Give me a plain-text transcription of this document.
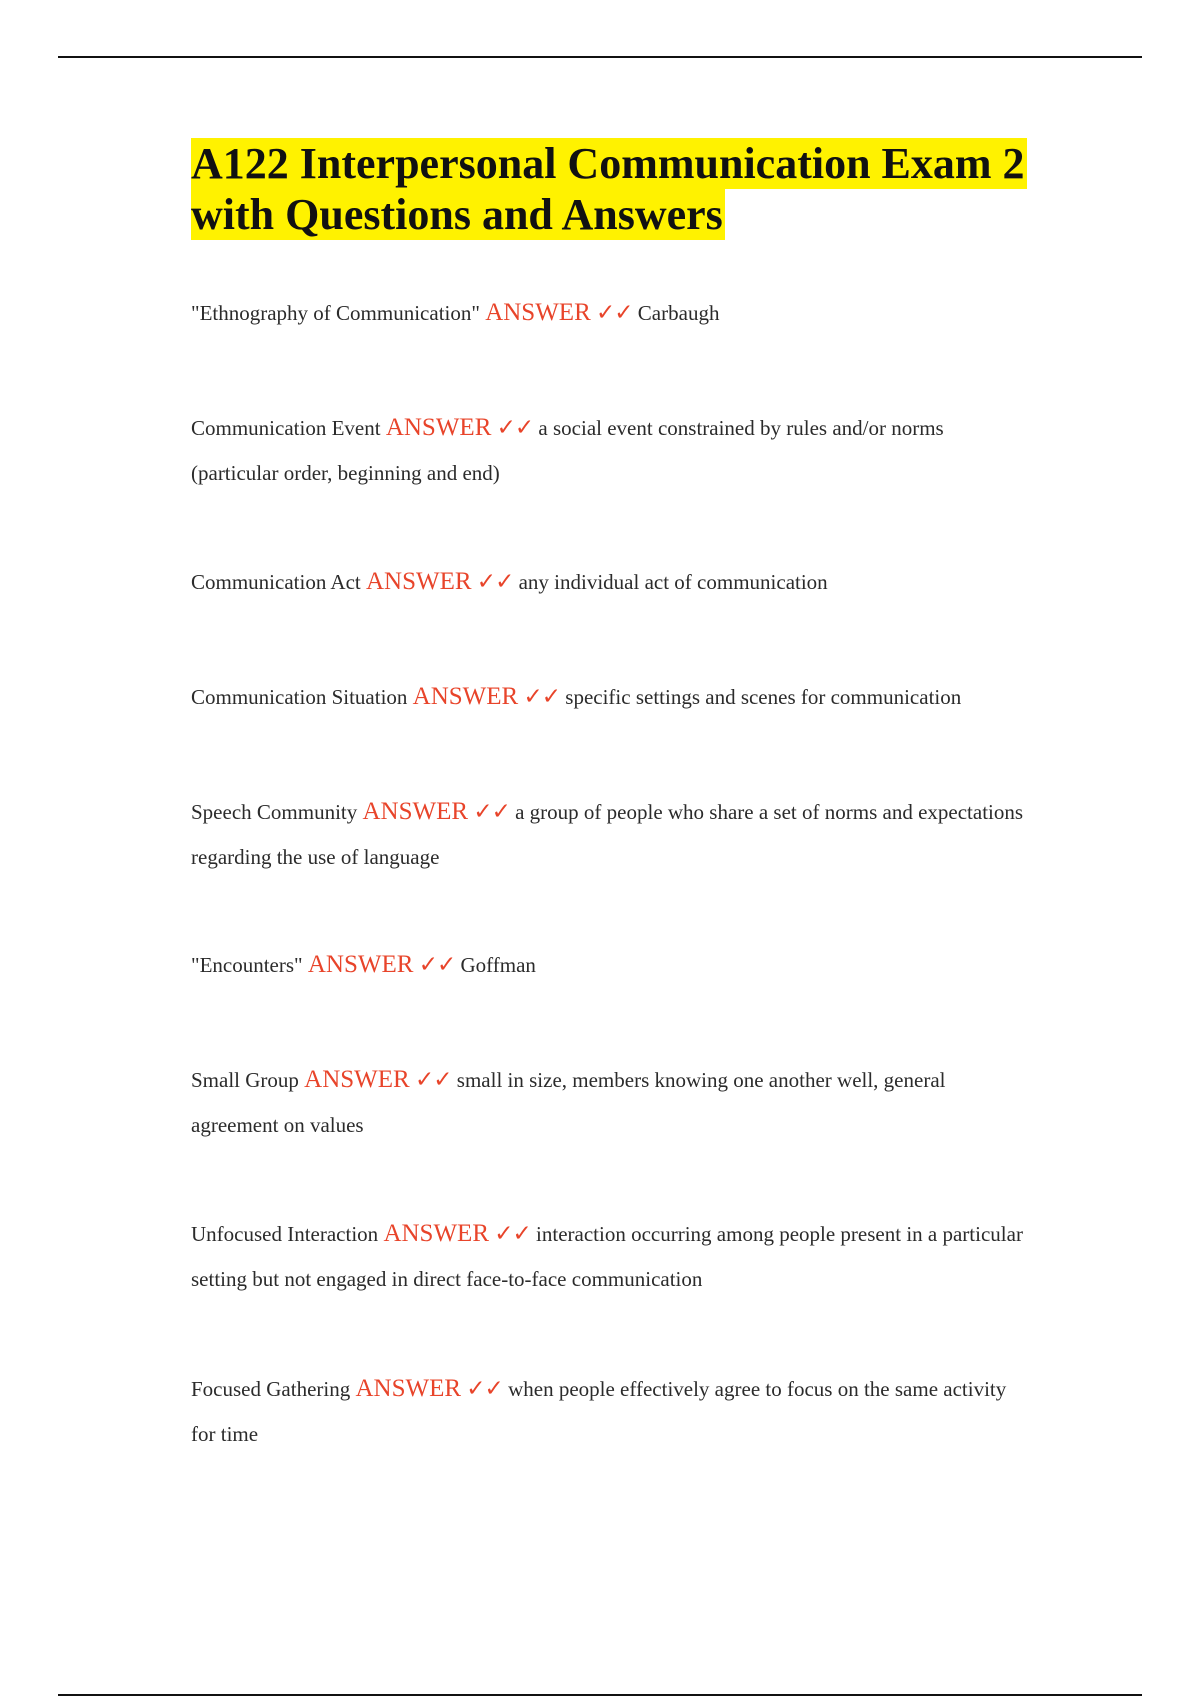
A122 Interpersonal Communication Exam 2 with Questions and Answers
"Ethnography of Communication" ANSWER ✓✓ Carbaugh
Communication Event ANSWER ✓✓ a social event constrained by rules and/or norms (particular order, beginning and end)
Communication Act ANSWER ✓✓ any individual act of communication
Communication Situation ANSWER ✓✓ specific settings and scenes for communication
Speech Community ANSWER ✓✓ a group of people who share a set of norms and expectations regarding the use of language
"Encounters" ANSWER ✓✓ Goffman
Small Group ANSWER ✓✓ small in size, members knowing one another well, general agreement on values
Unfocused Interaction ANSWER ✓✓ interaction occurring among people present in a particular setting but not engaged in direct face-to-face communication
Focused Gathering ANSWER ✓✓ when people effectively agree to focus on the same activity for time
